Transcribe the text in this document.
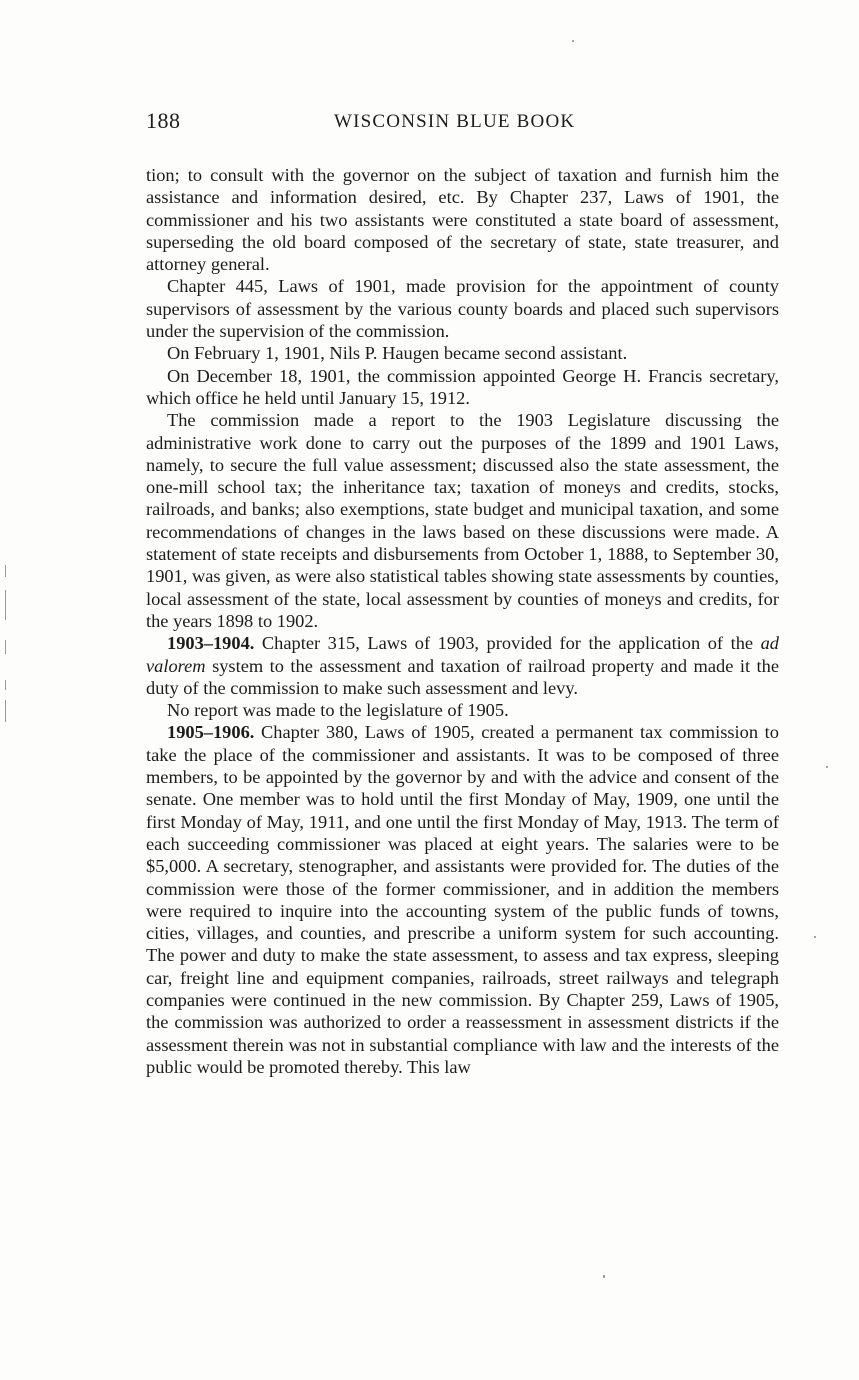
188	WISCONSIN BLUE BOOK

tion; to consult with the governor on the subject of taxation and furnish him the assistance and information desired, etc. By Chapter 237, Laws of 1901, the commissioner and his two assistants were constituted a state board of assessment, superseding the old board composed of the secretary of state, state treasurer, and attorney general.

Chapter 445, Laws of 1901, made provision for the appointment of county supervisors of assessment by the various county boards and placed such supervisors under the supervision of the commission.

On February 1, 1901, Nils P. Haugen became second assistant.

On December 18, 1901, the commission appointed George H. Francis secretary, which office he held until January 15, 1912.

The commission made a report to the 1903 Legislature discussing the administrative work done to carry out the purposes of the 1899 and 1901 Laws, namely, to secure the full value assessment; discussed also the state assessment, the one-mill school tax; the inheritance tax; taxation of moneys and credits, stocks, railroads, and banks; also exemptions, state budget and municipal taxation, and some recommendations of changes in the laws based on these discussions were made. A statement of state receipts and disbursements from October 1, 1888, to September 30, 1901, was given, as were also statistical tables showing state assessments by counties, local assessment of the state, local assessment by counties of moneys and credits, for the years 1898 to 1902.

1903–1904. Chapter 315, Laws of 1903, provided for the application of the ad valorem system to the assessment and taxation of railroad property and made it the duty of the commission to make such assessment and levy.

No report was made to the legislature of 1905.

1905–1906. Chapter 380, Laws of 1905, created a permanent tax commission to take the place of the commissioner and assistants. It was to be composed of three members, to be appointed by the governor by and with the advice and consent of the senate. One member was to hold until the first Monday of May, 1909, one until the first Monday of May, 1911, and one until the first Monday of May, 1913. The term of each succeeding commissioner was placed at eight years. The salaries were to be $5,000. A secretary, stenographer, and assistants were provided for. The duties of the commission were those of the former commissioner, and in addition the members were required to inquire into the accounting system of the public funds of towns, cities, villages, and counties, and prescribe a uniform system for such accounting. The power and duty to make the state assessment, to assess and tax express, sleeping car, freight line and equipment companies, railroads, street railways and telegraph companies were continued in the new commission. By Chapter 259, Laws of 1905, the commission was authorized to order a reassessment in assessment districts if the assessment therein was not in substantial compliance with law and the interests of the public would be promoted thereby. This law
